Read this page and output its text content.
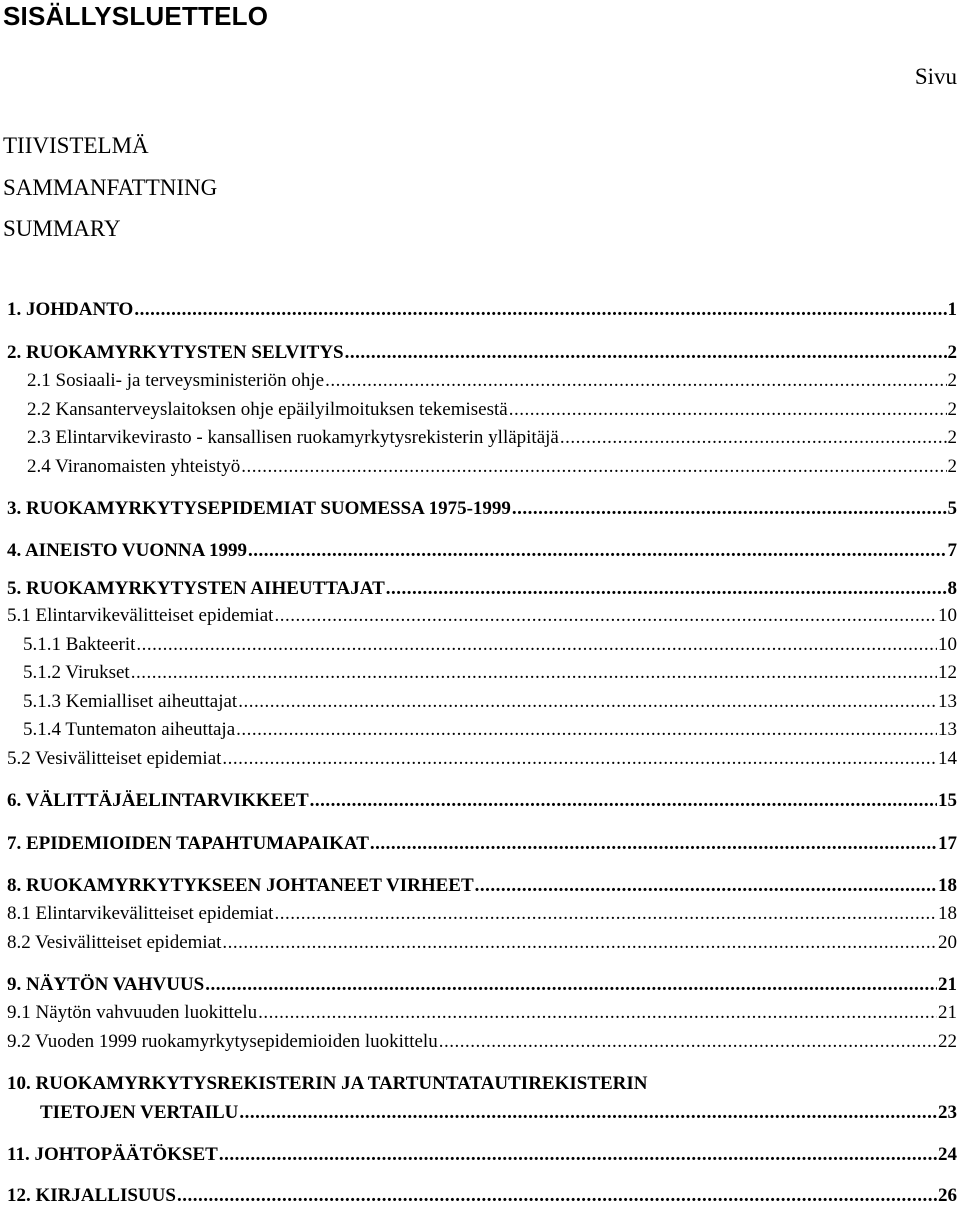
SISÄLLYSLUETTELO
Sivu
TIIVISTELMÄ
SAMMANFATTNING
SUMMARY
1. JOHDANTO .....	1
2. RUOKAMYRKYTYSTEN SELVITYS .....	2
2.1 Sosiaali- ja terveysministeriön ohje .....	2
2.2 Kansanterveyslaitoksen ohje epäilyilmoituksen tekemisestä .....	2
2.3 Elintarvikevirasto - kansallisen ruokamyrkytysrekisterin ylläpitäjä .....	2
2.4 Viranomaisten yhteistyö .....	2
3. RUOKAMYRKYTYSEPIDEMIAT SUOMESSA 1975-1999 .....	5
4. AINEISTO VUONNA 1999 .....	7
5. RUOKAMYRKYTYSTEN AIHEUTTAJAT .....	8
5.1 Elintarvikevälitteiset epidemiat .....	10
5.1.1 Bakteerit .....	10
5.1.2 Virukset .....	12
5.1.3 Kemialliset aiheuttajat .....	13
5.1.4 Tuntematon aiheuttaja .....	13
5.2 Vesivälitteiset epidemiat .....	14
6. VÄLITTÄJÄELINTARVIKKEET .....	15
7. EPIDEMIOIDEN TAPAHTUMAPAIKAT .....	17
8. RUOKAMYRKYTYKSEEN JOHTANEET VIRHEET .....	18
8.1 Elintarvikevälitteiset epidemiat .....	18
8.2 Vesivälitteiset epidemiat .....	20
9. NÄYTÖN VAHVUUS .....	21
9.1 Näytön vahvuuden luokittelu .....	21
9.2 Vuoden 1999 ruokamyrkytysepidemioiden luokittelu .....	22
10. RUOKAMYRKYTYSREKISTERIN JA TARTUNTATAUTIREKISTERIN
TIETOJEN VERTAILU .....	23
11. JOHTOPÄÄTÖKSET .....	24
12. KIRJALLISUUS .....	26
